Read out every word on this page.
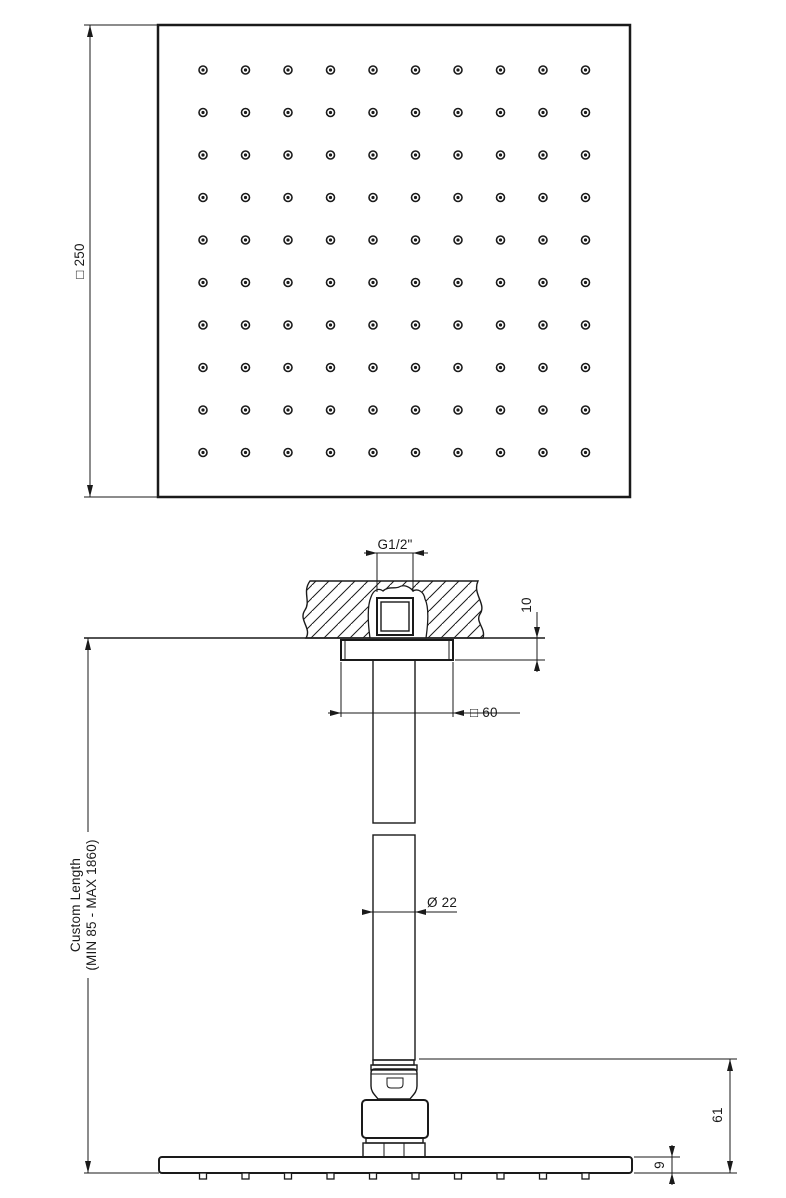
□ 250
G1/2"
10
□ 60
Ø 22
Custom Length (MIN 85 - MAX 1860)
61
9
